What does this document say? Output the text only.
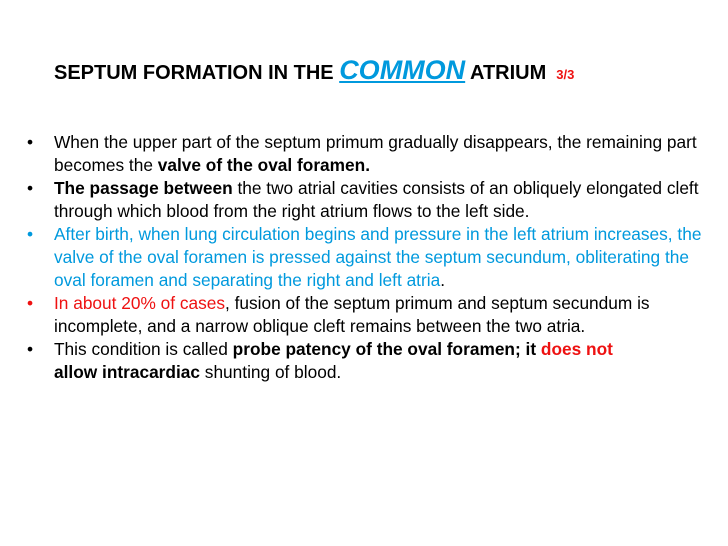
SEPTUM FORMATION IN THE COMMON ATRIUM 3/3
• When the upper part of the septum primum gradually disappears, the remaining part becomes the valve of the oval foramen.
• The passage between the two atrial cavities consists of an obliquely elongated cleft through which blood from the right atrium flows to the left side.
• After birth, when lung circulation begins and pressure in the left atrium increases, the valve of the oval foramen is pressed against the septum secundum, obliterating the oval foramen and separating the right and left atria.
• In about 20% of cases, fusion of the septum primum and septum secundum is incomplete, and a narrow oblique cleft remains between the two atria.
• This condition is called probe patency of the oval foramen; it does not
allow intracardiac shunting of blood.
